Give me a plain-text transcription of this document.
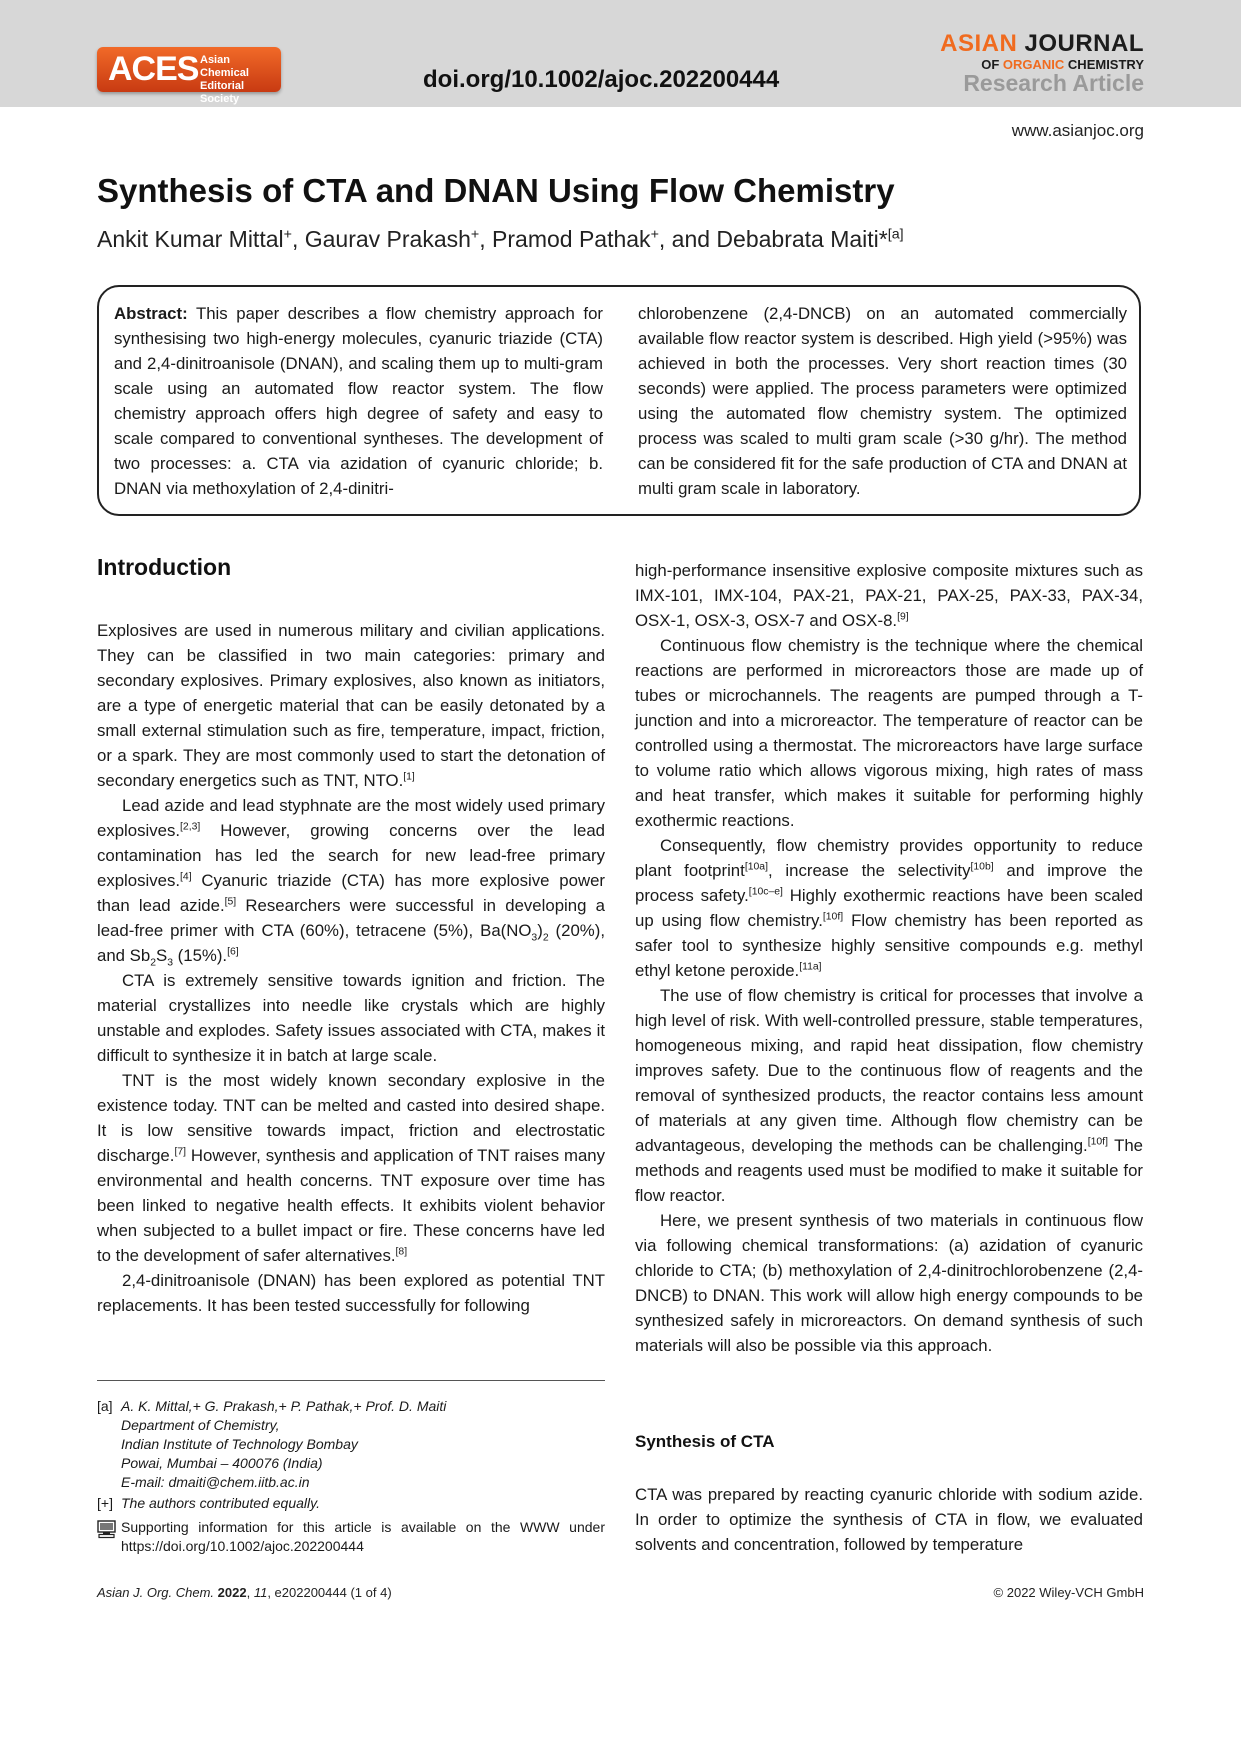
ACES Asian Chemical
Editorial Society
doi.org/10.1002/ajoc.202200444
ASIAN JOURNAL
OF ORGANIC CHEMISTRY
Research Article
www.asianjoc.org
Synthesis of CTA and DNAN Using Flow Chemistry
Ankit Kumar Mittal+, Gaurav Prakash+, Pramod Pathak+, and Debabrata Maiti*[a]
Abstract: This paper describes a flow chemistry approach for synthesising two high-energy molecules, cyanuric triazide (CTA) and 2,4-dinitroanisole (DNAN), and scaling them up to multi-gram scale using an automated flow reactor system. The flow chemistry approach offers high degree of safety and easy to scale compared to conventional syntheses. The development of two processes: a. CTA via azidation of cyanuric chloride; b. DNAN via methoxylation of 2,4-dinitri-
chlorobenzene (2,4-DNCB) on an automated commercially available flow reactor system is described. High yield (>95%) was achieved in both the processes. Very short reaction times (30 seconds) were applied. The process parameters were optimized using the automated flow chemistry system. The optimized process was scaled to multi gram scale (>30 g/hr). The method can be considered fit for the safe production of CTA and DNAN at multi gram scale in laboratory.
Introduction

Explosives are used in numerous military and civilian applications. They can be classified in two main categories: primary and secondary explosives. Primary explosives, also known as initiators, are a type of energetic material that can be easily detonated by a small external stimulation such as fire, temperature, impact, friction, or a spark. They are most commonly used to start the detonation of secondary energetics such as TNT, NTO.[1]

Lead azide and lead styphnate are the most widely used primary explosives.[2,3] However, growing concerns over the lead contamination has led the search for new lead-free primary explosives.[4] Cyanuric triazide (CTA) has more explosive power than lead azide.[5] Researchers were successful in developing a lead-free primer with CTA (60%), tetracene (5%), $Ba(NO_3)_2$ (20%), and $Sb_2S_3$ (15%).[6]

CTA is extremely sensitive towards ignition and friction. The material crystallizes into needle like crystals which are highly unstable and explodes. Safety issues associated with CTA, makes it difficult to synthesize it in batch at large scale.

TNT is the most widely known secondary explosive in the existence today. TNT can be melted and casted into desired shape. It is low sensitive towards impact, friction and electrostatic discharge.[7] However, synthesis and application of TNT raises many environmental and health concerns. TNT exposure over time has been linked to negative health effects. It exhibits violent behavior when subjected to a bullet impact or fire. These concerns have led to the development of safer alternatives.[8]

2,4-dinitroanisole (DNAN) has been explored as potential TNT replacements. It has been tested successfully for following

[a] A. K. Mittal,+ G. Prakash,+ P. Pathak,+ Prof. D. Maiti
Department of Chemistry,
Indian Institute of Technology Bombay
Powai, Mumbai – 400076 (India)
E-mail: dmaiti@chem.iitb.ac.in
[+] The authors contributed equally.
Supporting information for this article is available on the WWW under https://doi.org/10.1002/ajoc.202200444

high-performance insensitive explosive composite mixtures such as IMX-101, IMX-104, PAX-21, PAX-21, PAX-25, PAX-33, PAX-34, OSX-1, OSX-3, OSX-7 and OSX-8.[9]

Continuous flow chemistry is the technique where the chemical reactions are performed in microreactors those are made up of tubes or microchannels. The reagents are pumped through a T-junction and into a microreactor. The temperature of reactor can be controlled using a thermostat. The microreactors have large surface to volume ratio which allows vigorous mixing, high rates of mass and heat transfer, which makes it suitable for performing highly exothermic reactions.

Consequently, flow chemistry provides opportunity to reduce plant footprint[10a], increase the selectivity[10b] and improve the process safety.[10c–e] Highly exothermic reactions have been scaled up using flow chemistry.[10f] Flow chemistry has been reported as safer tool to synthesize highly sensitive compounds e.g. methyl ethyl ketone peroxide.[11a]

The use of flow chemistry is critical for processes that involve a high level of risk. With well-controlled pressure, stable temperatures, homogeneous mixing, and rapid heat dissipation, flow chemistry improves safety. Due to the continuous flow of reagents and the removal of synthesized products, the reactor contains less amount of materials at any given time. Although flow chemistry can be advantageous, developing the methods can be challenging.[10f] The methods and reagents used must be modified to make it suitable for flow reactor.

Here, we present synthesis of two materials in continuous flow via following chemical transformations: (a) azidation of cyanuric chloride to CTA; (b) methoxylation of 2,4-dinitrochlorobenzene (2,4-DNCB) to DNAN. This work will allow high energy compounds to be synthesized safely in microreactors. On demand synthesis of such materials will also be possible via this approach.

Synthesis of CTA

CTA was prepared by reacting cyanuric chloride with sodium azide. In order to optimize the synthesis of CTA in flow, we evaluated solvents and concentration, followed by temperature

Asian J. Org. Chem. 2022, 11, e202200444 (1 of 4)	© 2022 Wiley-VCH GmbH
